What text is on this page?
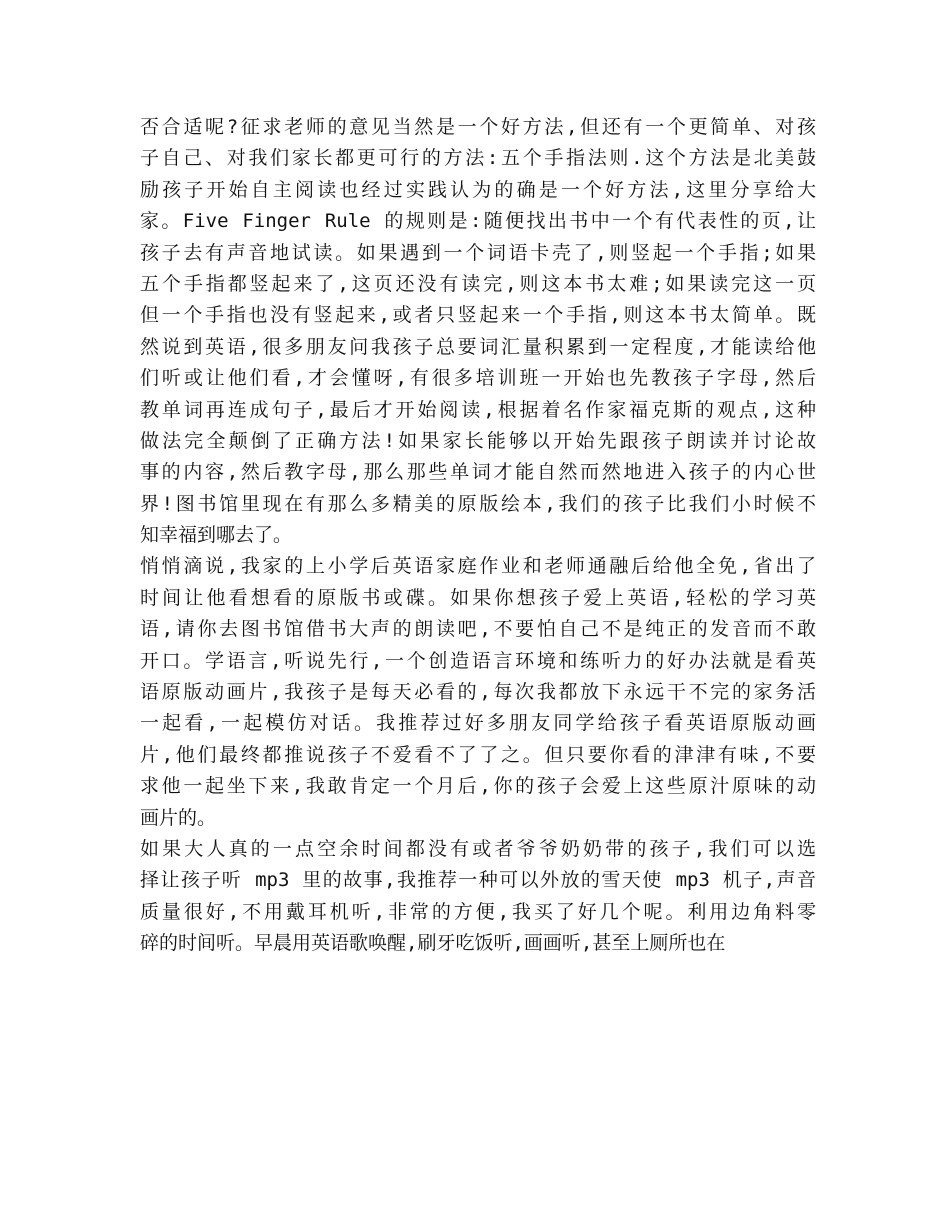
否合适呢?征求老师的意见当然是一个好方法,但还有一个更简单、对孩
子自己、对我们家长都更可行的方法:五个手指法则.这个方法是北美鼓
励孩子开始自主阅读也经过实践认为的确是一个好方法,这里分享给大
家。Five Finger Rule 的规则是:随便找出书中一个有代表性的页,让
孩子去有声音地试读。如果遇到一个词语卡壳了,则竖起一个手指;如果
五个手指都竖起来了,这页还没有读完,则这本书太难;如果读完这一页
但一个手指也没有竖起来,或者只竖起来一个手指,则这本书太简单。既
然说到英语,很多朋友问我孩子总要词汇量积累到一定程度,才能读给他
们听或让他们看,才会懂呀,有很多培训班一开始也先教孩子字母,然后
教单词再连成句子,最后才开始阅读,根据着名作家福克斯的观点,这种
做法完全颠倒了正确方法!如果家长能够以开始先跟孩子朗读并讨论故
事的内容,然后教字母,那么那些单词才能自然而然地进入孩子的内心世
界!图书馆里现在有那么多精美的原版绘本,我们的孩子比我们小时候不
知幸福到哪去了。
悄悄滴说,我家的上小学后英语家庭作业和老师通融后给他全免,省出了
时间让他看想看的原版书或碟。如果你想孩子爱上英语,轻松的学习英
语,请你去图书馆借书大声的朗读吧,不要怕自己不是纯正的发音而不敢
开口。学语言,听说先行,一个创造语言环境和练听力的好办法就是看英
语原版动画片,我孩子是每天必看的,每次我都放下永远干不完的家务活
一起看,一起模仿对话。我推荐过好多朋友同学给孩子看英语原版动画
片,他们最终都推说孩子不爱看不了了之。但只要你看的津津有味,不要
求他一起坐下来,我敢肯定一个月后,你的孩子会爱上这些原汁原味的动
画片的。
如果大人真的一点空余时间都没有或者爷爷奶奶带的孩子,我们可以选
择让孩子听 mp3 里的故事,我推荐一种可以外放的雪天使 mp3 机子,声音
质量很好,不用戴耳机听,非常的方便,我买了好几个呢。利用边角料零
碎的时间听。早晨用英语歌唤醒,刷牙吃饭听,画画听,甚至上厕所也在
